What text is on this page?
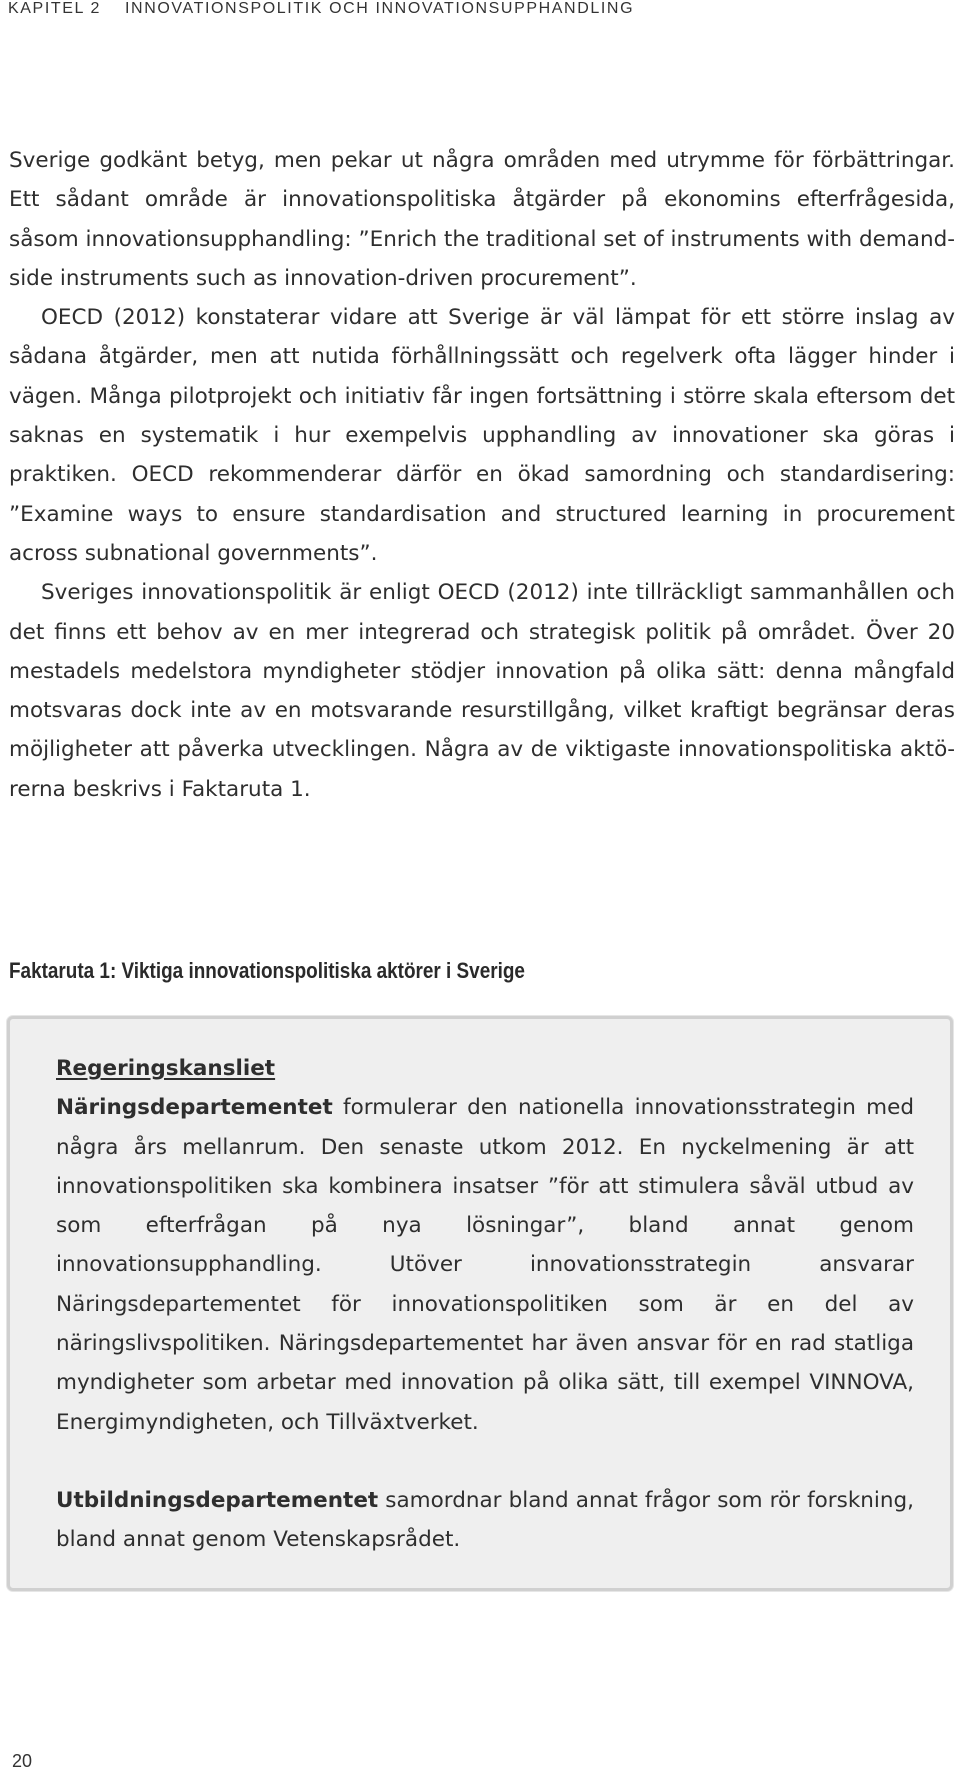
KAPITEL 2 INNOVATIONSPOLITIK OCH INNOVATIONSUPPHANDLING

Sverige godkänt betyg, men pekar ut några områden med utrymme för förbättringar. Ett sådant område är innovationspolitiska åtgärder på ekonomins efterfrågesida, såsom innovationsupphandling: ”Enrich the traditional set of instruments with demand-side instruments such as innovation-driven procurement”.

OECD (2012) konstaterar vidare att Sverige är väl lämpat för ett större inslag av sådana åtgärder, men att nutida förhållningssätt och regelverk ofta lägger hinder i vägen. Många pilotprojekt och initiativ får ingen fortsättning i större skala eftersom det saknas en systematik i hur exempelvis upphandling av innovationer ska göras i praktiken. OECD rekommenderar därför en ökad samordning och standardisering: ”Examine ways to ensure standardisation and structured learning in procurement across subnational governments”.

Sveriges innovationspolitik är enligt OECD (2012) inte tillräckligt sammanhållen och det finns ett behov av en mer integrerad och strategisk politik på området. Över 20 mestadels medelstora myndigheter stödjer innovation på olika sätt: denna mångfald motsvaras dock inte av en motsvarande resurstillgång, vilket kraftigt begränsar deras möjligheter att påverka utvecklingen. Några av de viktigaste innovationspolitiska aktörerna beskrivs i Faktaruta 1.

Faktaruta 1: Viktiga innovationspolitiska aktörer i Sverige

Regeringskansliet

Näringsdepartementet formulerar den nationella innovationsstrategin med några års mellanrum. Den senaste utkom 2012. En nyckelmening är att innovationspolitiken ska kombinera insatser ”för att stimulera såväl utbud av som efterfrågan på nya lösningar”, bland annat genom innovationsupphandling. Utöver innovationsstrategin ansvarar Näringsdepartementet för innovationspolitiken som är en del av näringslivspolitiken. Näringsdepartementet har även ansvar för en rad statliga myndigheter som arbetar med innovation på olika sätt, till exempel VINNOVA, Energimyndigheten, och Tillväxtverket.

Utbildningsdepartementet samordnar bland annat frågor som rör forskning, bland annat genom Vetenskapsrådet.

20
